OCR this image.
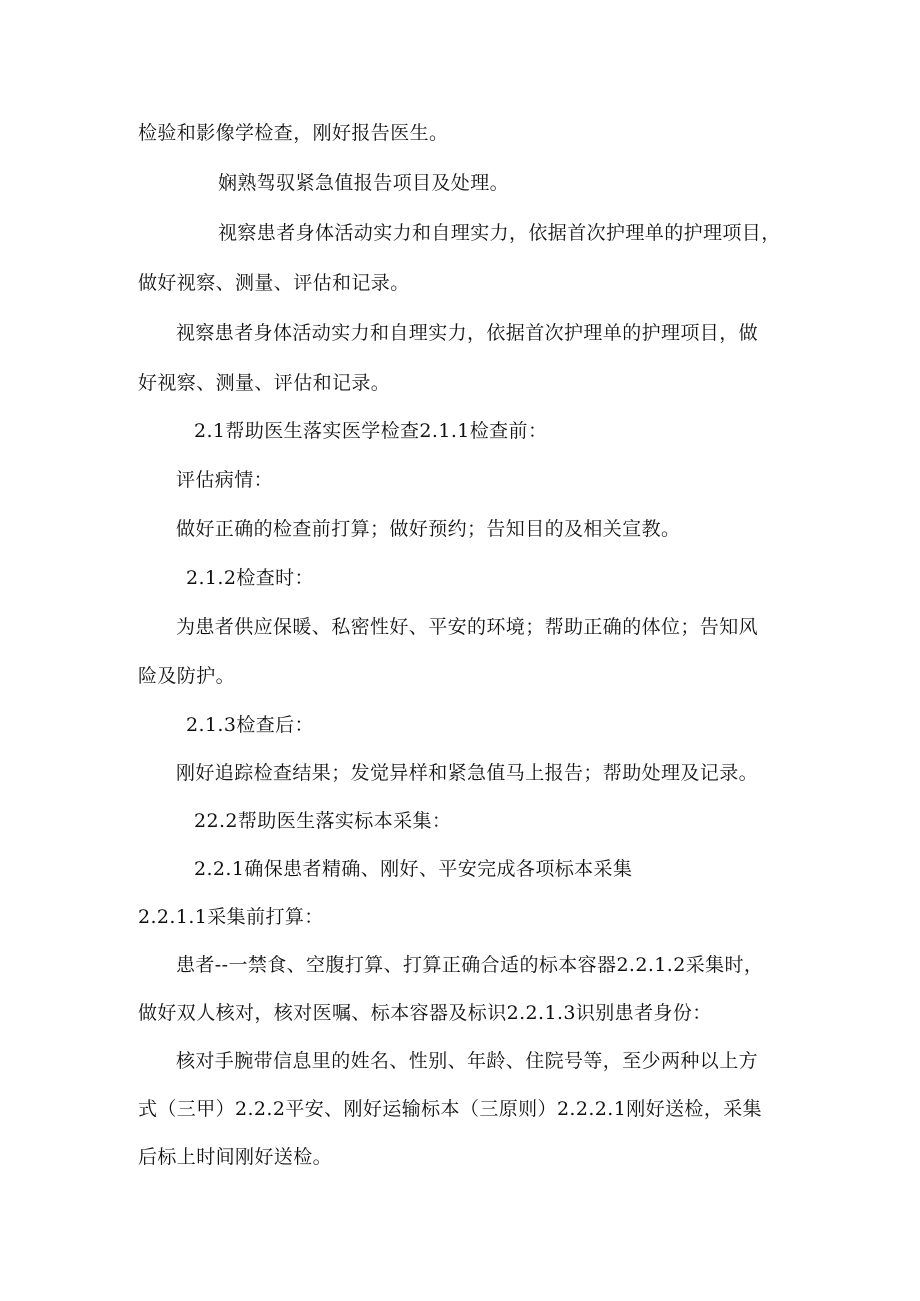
检验和影像学检查，刚好报告医生。
娴熟驾驭紧急值报告项目及处理。
视察患者身体活动实力和自理实力，依据首次护理单的护理项目，
做好视察、测量、评估和记录。
视察患者身体活动实力和自理实力，依据首次护理单的护理项目，做
好视察、测量、评估和记录。
2.1帮助医生落实医学检查2.1.1检查前：
评估病情：
做好正确的检查前打算；做好预约；告知目的及相关宣教。
2.1.2检查时：
为患者供应保暖、私密性好、平安的环境；帮助正确的体位；告知风
险及防护。
2.1.3检查后：
刚好追踪检查结果；发觉异样和紧急值马上报告；帮助处理及记录。
22.2帮助医生落实标本采集：
2.2.1确保患者精确、刚好、平安完成各项标本采集
2.2.1.1采集前打算：
患者--一禁食、空腹打算、打算正确合适的标本容器2.2.1.2采集时，
做好双人核对，核对医嘱、标本容器及标识2.2.1.3识别患者身份：
核对手腕带信息里的姓名、性别、年龄、住院号等，至少两种以上方
式（三甲）2.2.2平安、刚好运输标本（三原则）2.2.2.1刚好送检，采集
后标上时间刚好送检。
